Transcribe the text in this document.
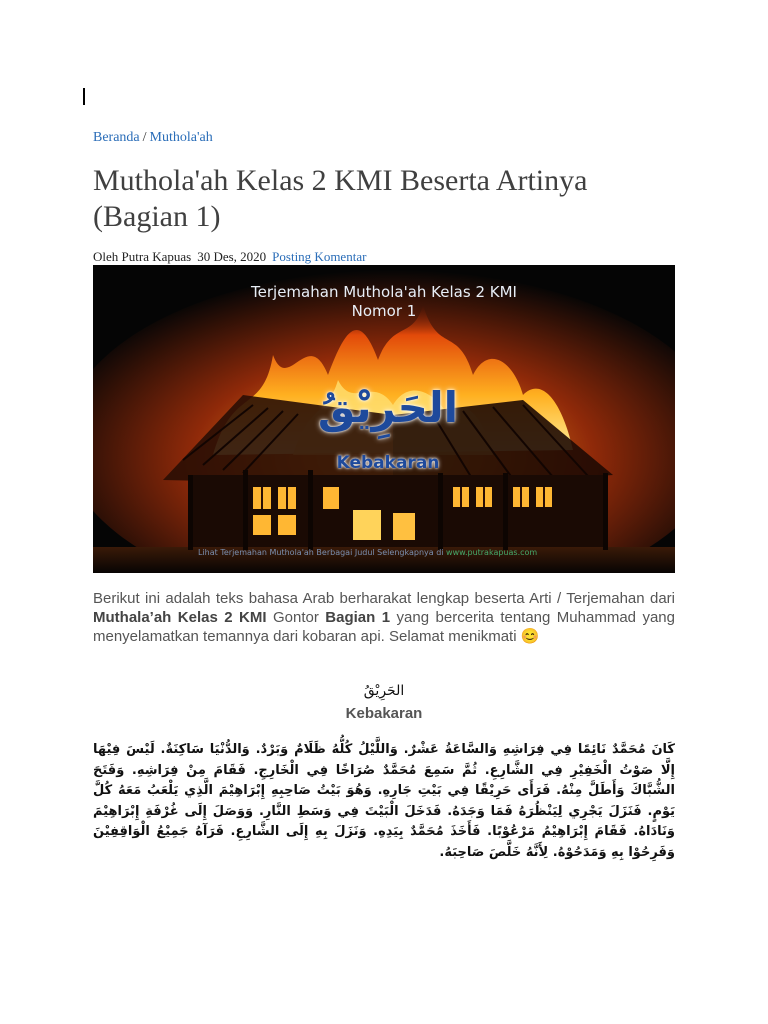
Beranda / Muthola'ah
Muthola'ah Kelas 2 KMI Beserta Artinya (Bagian 1)
Oleh Putra Kapuas 30 Des, 2020 Posting Komentar
Terjemahan Muthola'ah Kelas 2 KMI
Nomor 1
الحَرِيْقُ
Kebakaran
Lihat Terjemahan Muthola'ah Berbagai Judul Selengkapnya di www.putrakapuas.com

Berikut ini adalah teks bahasa Arab berharakat lengkap beserta Arti / Terjemahan dari Muthala’ah Kelas 2 KMI Gontor Bagian 1 yang bercerita tentang Muhammad yang menyelamatkan temannya dari kobaran api. Selamat menikmati 😊

الحَرِيْقُ
Kebakaran

كَانَ مُحَمَّدٌ نَائِمًا فِي فِرَاشِهِ وَالسَّاعَةُ عَشْرٌ. وَاللَّيْلُ كُلُّهُ ظَلَامٌ وَبَرْدٌ. وَالدُّنْيَا سَاكِنَةٌ. لَيْسَ فِيْهَا إِلَّا صَوْتُ الْخَفِيْرِ فِي الشَّارِعِ. ثُمَّ سَمِعَ مُحَمَّدٌ صُرَاخًا فِي الْخَارِجِ. فَقَامَ مِنْ فِرَاشِهِ. وَفَتَحَ الشُّبَّاكَ وَأَطَلَّ مِنْهُ. فَرَأَى حَرِيْقًا فِي بَيْتِ جَارِهِ. وَهُوَ بَيْتُ صَاحِبِهِ إِبْرَاهِيْمَ الَّذِي يَلْعَبُ مَعَهُ كُلَّ يَوْمٍ. فَنَزَلَ يَجْرِي لِيَنْظُرَهُ فَمَا وَجَدَهُ. فَدَخَلَ الْبَيْتَ فِي وَسَطِ النَّارِ. وَوَصَلَ إِلَى غُرْفَةِ إِبْرَاهِيْمَ وَنَادَاهُ. فَقَامَ إِبْرَاهِيْمُ مَرْعُوْبًا. فَأَخَذَ مُحَمَّدٌ بِيَدِهِ. وَنَزَلَ بِهِ إِلَى الشَّارِعِ. فَرَآهُ جَمِيْعُ الْوَاقِفِيْنَ وَفَرِحُوْا بِهِ وَمَدَحُوْهُ. لِأَنَّهُ خَلَّصَ صَاحِبَهُ.
